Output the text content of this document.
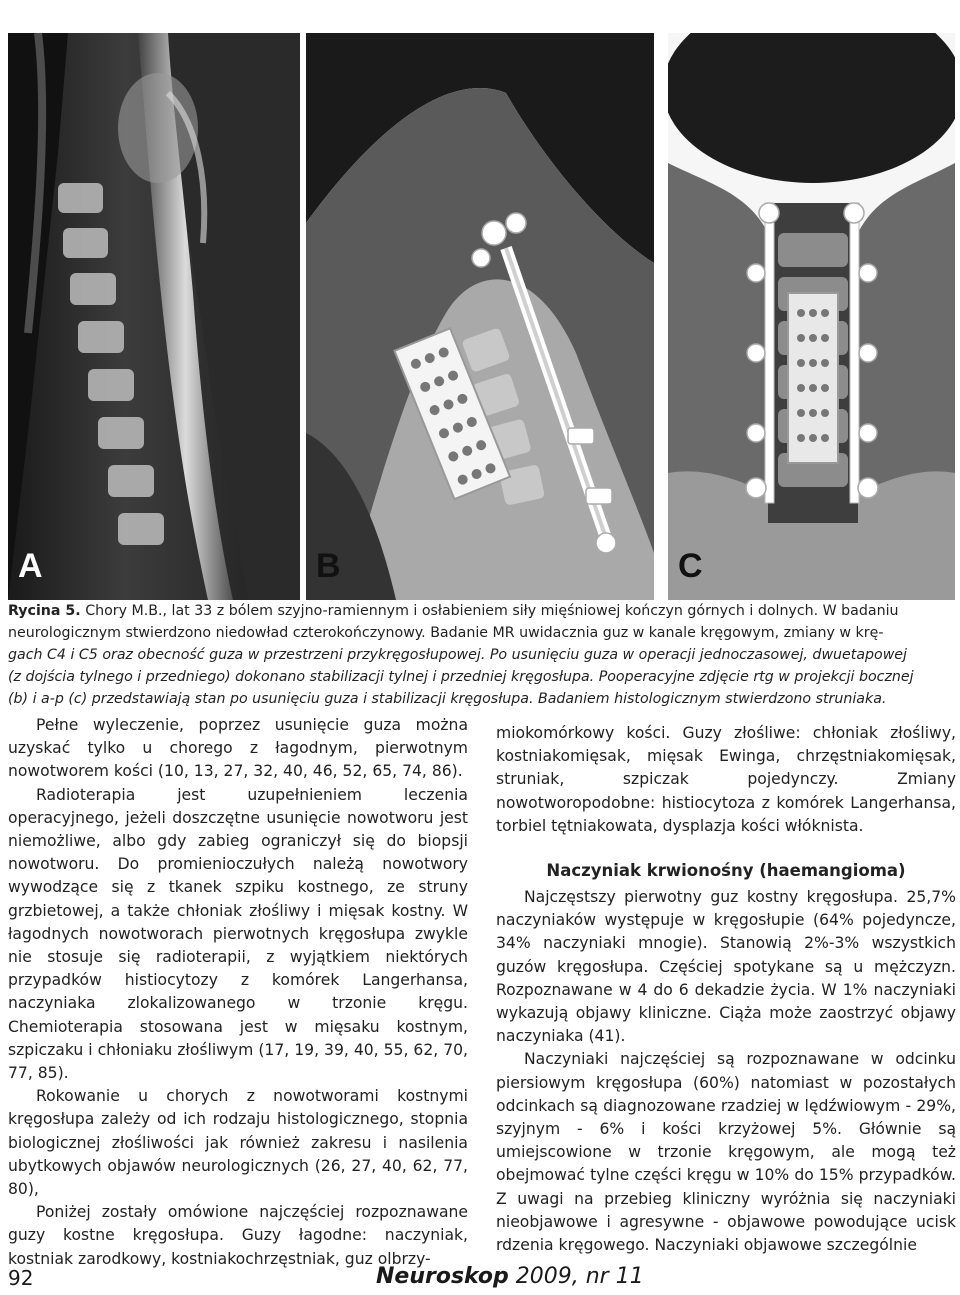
A	B	C
Rycina 5. Chory M.B., lat 33 z bólem szyjno-ramiennym i osłabieniem siły mięśniowej kończyn górnych i dolnych. W badaniu
neurologicznym stwierdzono niedowład czterokończynowy. Badanie MR uwidacznia guz w kanale kręgowym, zmiany w krę-
gach C4 i C5 oraz obecność guza w przestrzeni przykręgosłupowej. Po usunięciu guza w operacji jednoczasowej, dwuetapowej
(z dojścia tylnego i przedniego) dokonano stabilizacji tylnej i przedniej kręgosłupa. Pooperacyjne zdjęcie rtg w projekcji bocznej
(b) i a-p (c) przedstawiają stan po usunięciu guza i stabilizacji kręgosłupa. Badaniem histologicznym stwierdzono struniaka.

Pełne wyleczenie, poprzez usunięcie guza można uzyskać tylko u chorego z łagodnym, pierwotnym nowotworem kości (10, 13, 27, 32, 40, 46, 52, 65, 74, 86).

Radioterapia jest uzupełnieniem leczenia operacyjnego, jeżeli doszczętne usunięcie nowotworu jest niemożliwe, albo gdy zabieg ograniczył się do biopsji nowotworu. Do promienioczułych należą nowotwory wywodzące się z tkanek szpiku kostnego, ze struny grzbietowej, a także chłoniak złośliwy i mięsak kostny. W łagodnych nowotworach pierwotnych kręgosłupa zwykle nie stosuje się radioterapii, z wyjątkiem niektórych przypadków histiocytozy z komórek Langerhansa, naczyniaka zlokalizowanego w trzonie kręgu. Chemioterapia stosowana jest w mięsaku kostnym, szpiczaku i chłoniaku złośliwym (17, 19, 39, 40, 55, 62, 70, 77, 85).

Rokowanie u chorych z nowotworami kostnymi kręgosłupa zależy od ich rodzaju histologicznego, stopnia biologicznej złośliwości jak również zakresu i nasilenia ubytkowych objawów neurologicznych (26, 27, 40, 62, 77, 80),

Poniżej zostały omówione najczęściej rozpoznawane guzy kostne kręgosłupa. Guzy łagodne: naczyniak, kostniak zarodkowy, kostniakochrzęstniak, guz olbrzy-

miokomórkowy kości. Guzy złośliwe: chłoniak złośliwy, kostniakomięsak, mięsak Ewinga, chrzęstniakomięsak, struniak, szpiczak pojedynczy. Zmiany nowotworopodobne: histiocytoza z komórek Langerhansa, torbiel tętniakowata, dysplazja kości włóknista.

Naczyniak krwionośny (haemangioma)

Najczęstszy pierwotny guz kostny kręgosłupa. 25,7% naczyniaków występuje w kręgosłupie (64% pojedyncze, 34% naczyniaki mnogie). Stanowią 2%-3% wszystkich guzów kręgosłupa. Częściej spotykane są u mężczyzn. Rozpoznawane w 4 do 6 dekadzie życia. W 1% naczyniaki wykazują objawy kliniczne. Ciąża może zaostrzyć objawy naczyniaka (41).

Naczyniaki najczęściej są rozpoznawane w odcinku piersiowym kręgosłupa (60%) natomiast w pozostałych odcinkach są diagnozowane rzadziej w lędźwiowym - 29%, szyjnym - 6% i kości krzyżowej 5%. Głównie są umiejscowione w trzonie kręgowym, ale mogą też obejmować tylne części kręgu w 10% do 15% przypadków. Z uwagi na przebieg kliniczny wyróżnia się naczyniaki nieobjawowe i agresywne - objawowe powodujące ucisk rdzenia kręgowego. Naczyniaki objawowe szczególnie

92	Neuroskop 2009, nr 11
